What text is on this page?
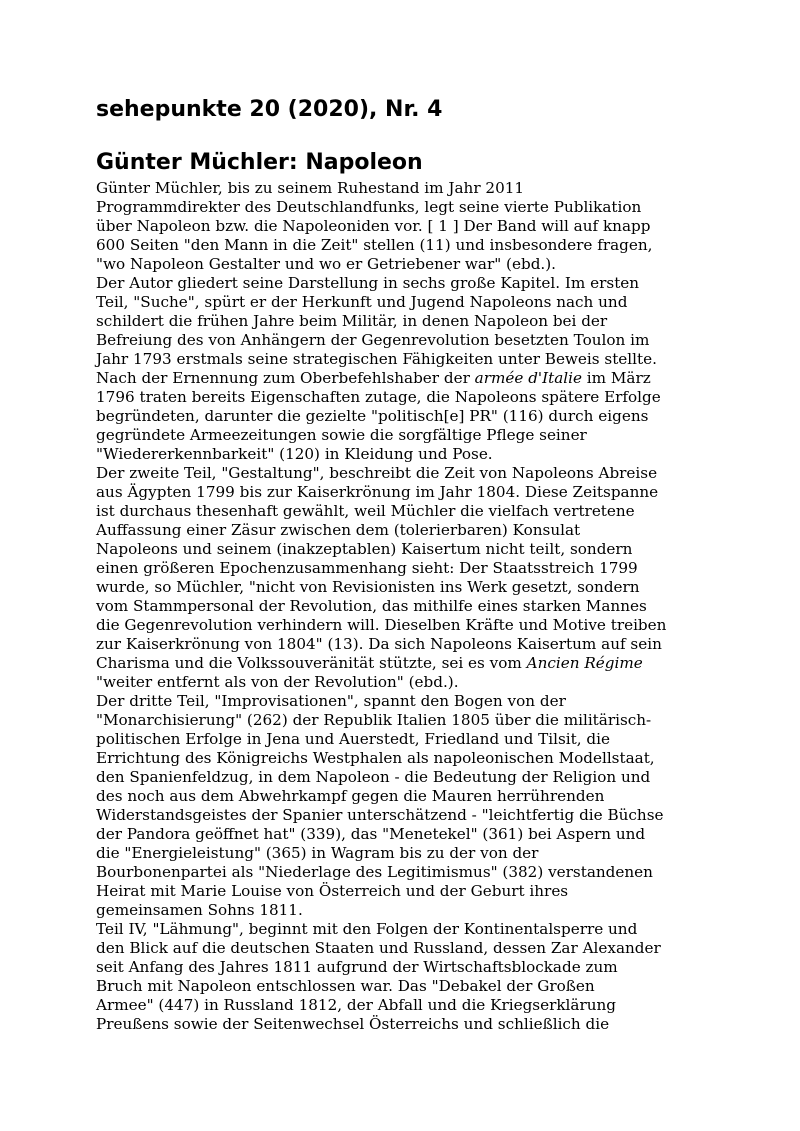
sehepunkte 20 (2020), Nr. 4
Günter Müchler: Napoleon
Günter Müchler, bis zu seinem Ruhestand im Jahr 2011
Programmdirekter des Deutschlandfunks, legt seine vierte Publikation
über Napoleon bzw. die Napoleoniden vor. [ 1 ] Der Band will auf knapp
600 Seiten "den Mann in die Zeit" stellen (11) und insbesondere fragen,
"wo Napoleon Gestalter und wo er Getriebener war" (ebd.).
Der Autor gliedert seine Darstellung in sechs große Kapitel. Im ersten
Teil, "Suche", spürt er der Herkunft und Jugend Napoleons nach und
schildert die frühen Jahre beim Militär, in denen Napoleon bei der
Befreiung des von Anhängern der Gegenrevolution besetzten Toulon im
Jahr 1793 erstmals seine strategischen Fähigkeiten unter Beweis stellte.
Nach der Ernennung zum Oberbefehlshaber der armée d'Italie im März
1796 traten bereits Eigenschaften zutage, die Napoleons spätere Erfolge
begründeten, darunter die gezielte "politisch[e] PR" (116) durch eigens
gegründete Armeezeitungen sowie die sorgfältige Pflege seiner
"Wiedererkennbarkeit" (120) in Kleidung und Pose.
Der zweite Teil, "Gestaltung", beschreibt die Zeit von Napoleons Abreise
aus Ägypten 1799 bis zur Kaiserkrönung im Jahr 1804. Diese Zeitspanne
ist durchaus thesenhaft gewählt, weil Müchler die vielfach vertretene
Auffassung einer Zäsur zwischen dem (tolerierbaren) Konsulat
Napoleons und seinem (inakzeptablen) Kaisertum nicht teilt, sondern
einen größeren Epochenzusammenhang sieht: Der Staatsstreich 1799
wurde, so Müchler, "nicht von Revisionisten ins Werk gesetzt, sondern
vom Stammpersonal der Revolution, das mithilfe eines starken Mannes
die Gegenrevolution verhindern will. Dieselben Kräfte und Motive treiben
zur Kaiserkrönung von 1804" (13). Da sich Napoleons Kaisertum auf sein
Charisma und die Volkssouveränität stützte, sei es vom Ancien Régime
"weiter entfernt als von der Revolution" (ebd.).
Der dritte Teil, "Improvisationen", spannt den Bogen von der
"Monarchisierung" (262) der Republik Italien 1805 über die militärisch-
politischen Erfolge in Jena und Auerstedt, Friedland und Tilsit, die
Errichtung des Königreichs Westphalen als napoleonischen Modellstaat,
den Spanienfeldzug, in dem Napoleon - die Bedeutung der Religion und
des noch aus dem Abwehrkampf gegen die Mauren herrührenden
Widerstandsgeistes der Spanier unterschätzend - "leichtfertig die Büchse
der Pandora geöffnet hat" (339), das "Menetekel" (361) bei Aspern und
die "Energieleistung" (365) in Wagram bis zu der von der
Bourbonenpartei als "Niederlage des Legitimismus" (382) verstandenen
Heirat mit Marie Louise von Österreich und der Geburt ihres
gemeinsamen Sohns 1811.
Teil IV, "Lähmung", beginnt mit den Folgen der Kontinentalsperre und
den Blick auf die deutschen Staaten und Russland, dessen Zar Alexander
seit Anfang des Jahres 1811 aufgrund der Wirtschaftsblockade zum
Bruch mit Napoleon entschlossen war. Das "Debakel der Großen
Armee" (447) in Russland 1812, der Abfall und die Kriegserklärung
Preußens sowie der Seitenwechsel Österreichs und schließlich die
